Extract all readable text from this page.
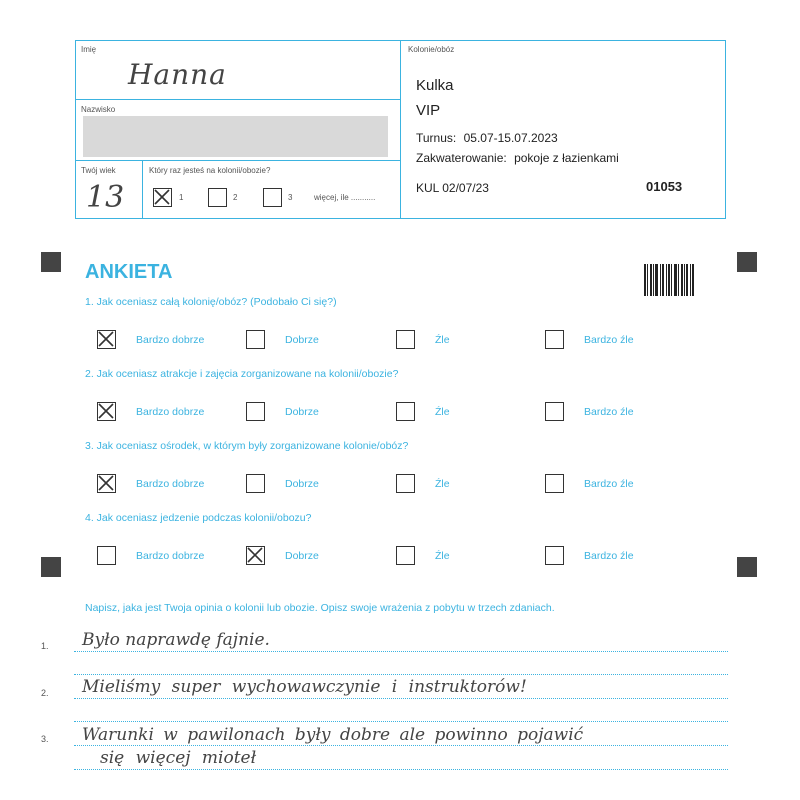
Imię
Hanna
Nazwisko
Twój wiek
13
Który raz jesteś na kolonii/obozie?
1	2	3	więcej, ile ...........
Kolonie/obóz
Kulka
VIP
Turnus: 05.07-15.07.2023
Zakwaterowanie: pokoje z łazienkami
KUL 02/07/23	01053
ANKIETA
1. Jak oceniasz całą kolonię/obóz? (Podobało Ci się?)
Bardzo dobrze	Dobrze	Źle	Bardzo źle
2. Jak oceniasz atrakcje i zajęcia zorganizowane na kolonii/obozie?
Bardzo dobrze	Dobrze	Źle	Bardzo źle
3. Jak oceniasz ośrodek, w którym były zorganizowane kolonie/obóz?
Bardzo dobrze	Dobrze	Źle	Bardzo źle
4. Jak oceniasz jedzenie podczas kolonii/obozu?
Bardzo dobrze	Dobrze	Źle	Bardzo źle
Napisz, jaka jest Twoja opinia o kolonii lub obozie. Opisz swoje wrażenia z pobytu w trzech zdaniach.
1. Było naprawdę fajnie.
2. Mieliśmy super wychowawczynie i instruktorów!
3. Warunki w pawilonach były dobre ale powinno pojawić
się więcej mioteł
